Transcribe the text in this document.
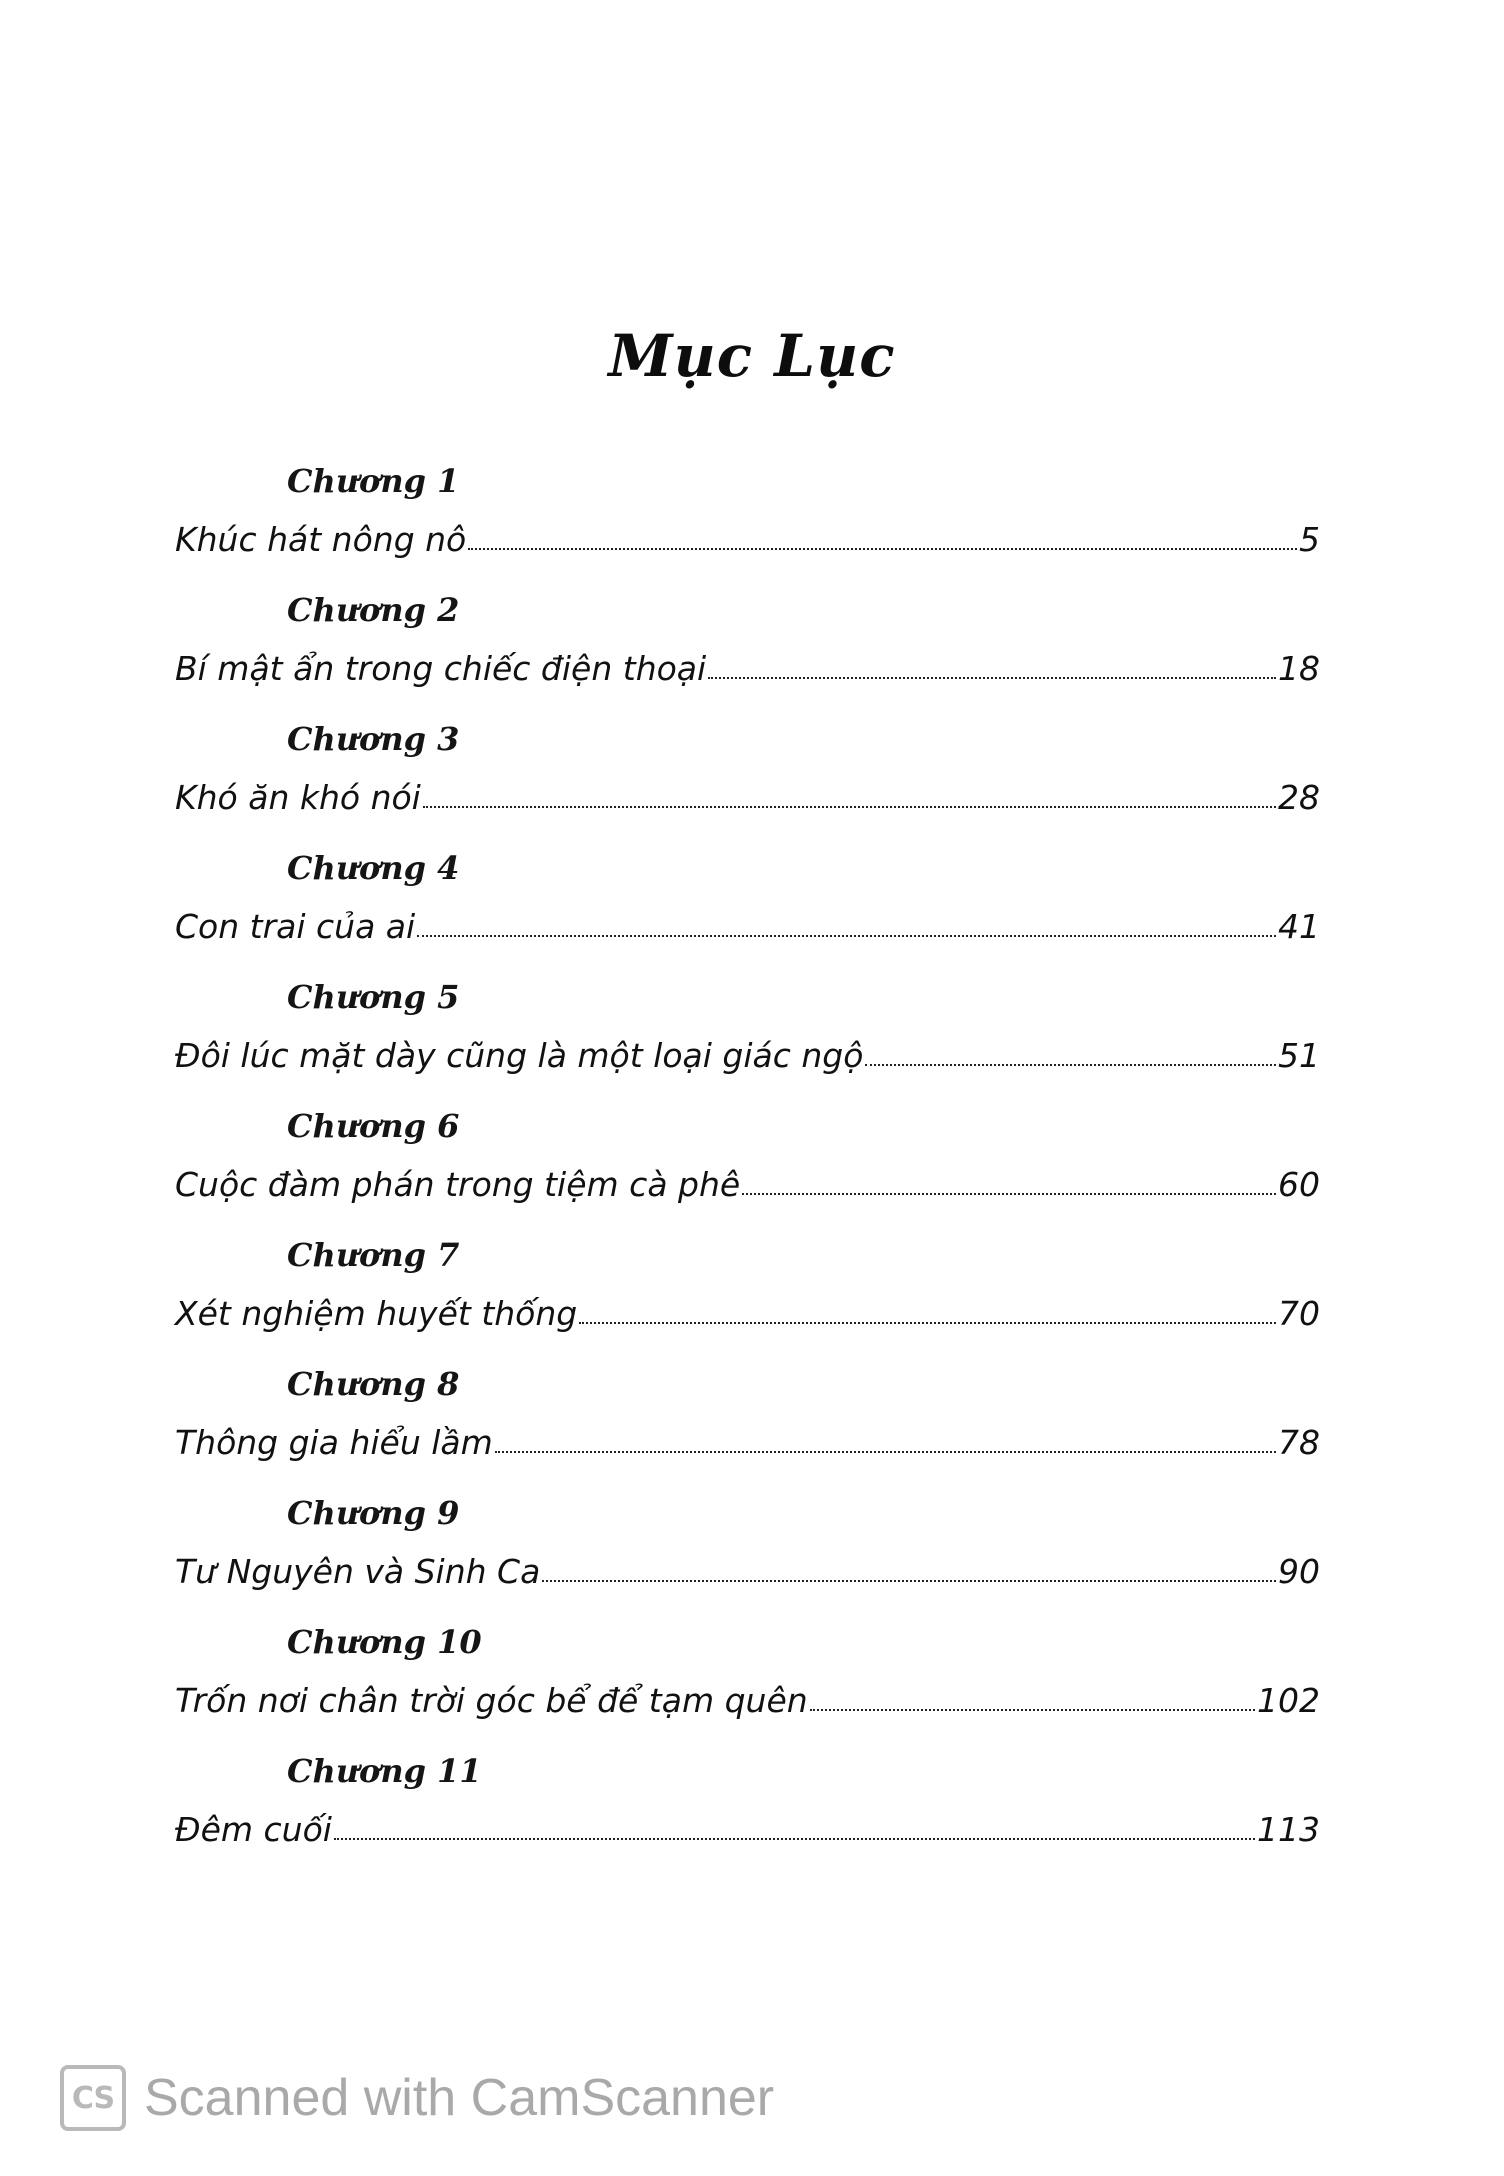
Mục Lục
Chương 1
Khúc hát nông nô	5
Chương 2
Bí mật ẩn trong chiếc điện thoại	18
Chương 3
Khó ăn khó nói	28
Chương 4
Con trai của ai	41
Chương 5
Đôi lúc mặt dày cũng là một loại giác ngộ	51
Chương 6
Cuộc đàm phán trong tiệm cà phê	60
Chương 7
Xét nghiệm huyết thống	70
Chương 8
Thông gia hiểu lầm	78
Chương 9
Tư Nguyên và Sinh Ca	90
Chương 10
Trốn nơi chân trời góc bể để tạm quên	102
Chương 11
Đêm cuối	113
CS Scanned with CamScanner
